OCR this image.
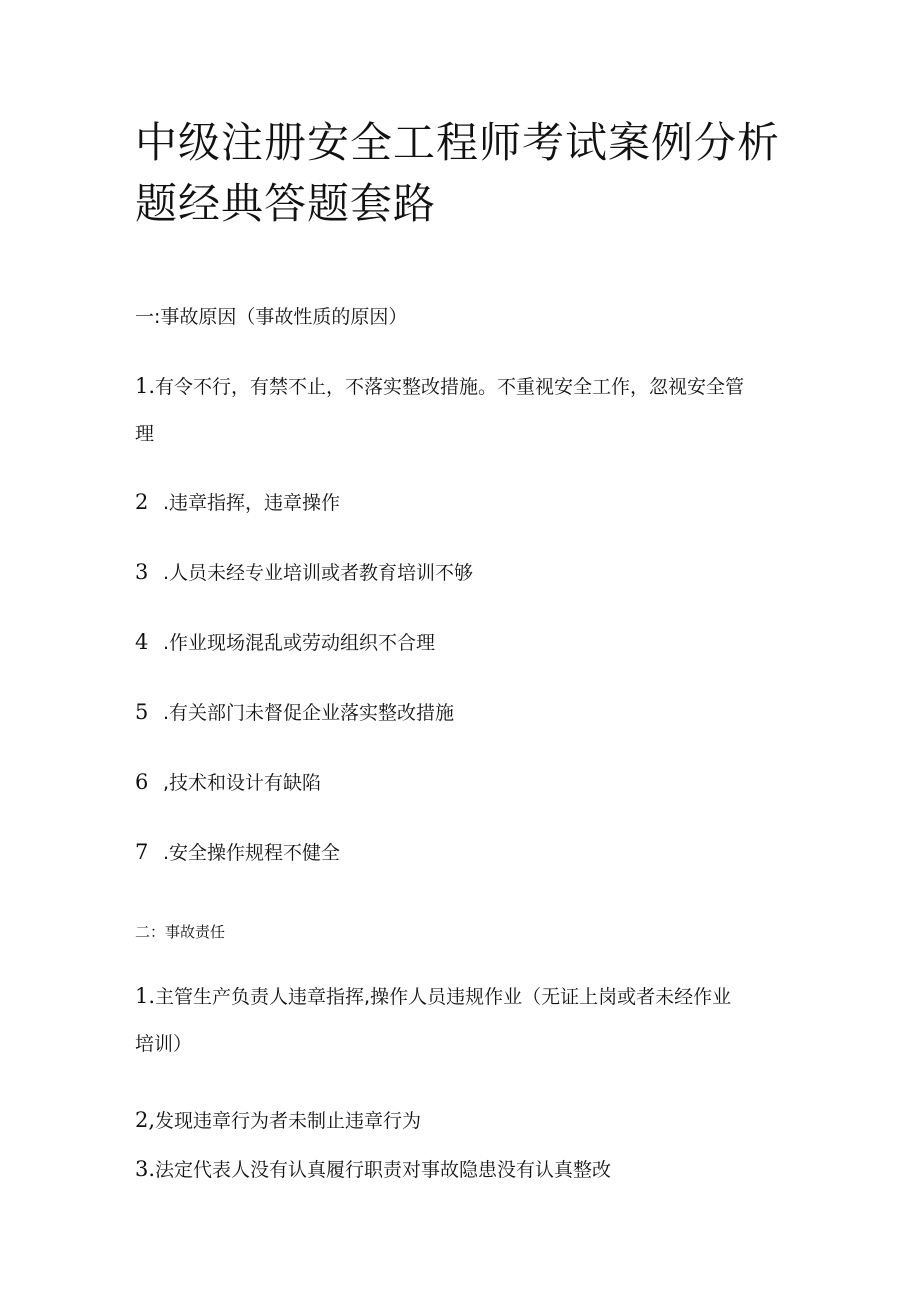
中级注册安全工程师考试案例分析题经典答题套路

一:事故原因（事故性质的原因）

1.有令不行，有禁不止，不落实整改措施。不重视安全工作，忽视安全管

理

2 .违章指挥，违章操作

3 .人员未经专业培训或者教育培训不够

4 .作业现场混乱或劳动组织不合理

5 .有关部门未督促企业落实整改措施

6 ,技术和设计有缺陷

7 .安全操作规程不健全

二：事故责任

1.主管生产负责人违章指挥,操作人员违规作业（无证上岗或者未经作业

培训）

2,发现违章行为者未制止违章行为

3.法定代表人没有认真履行职责对事故隐患没有认真整改
